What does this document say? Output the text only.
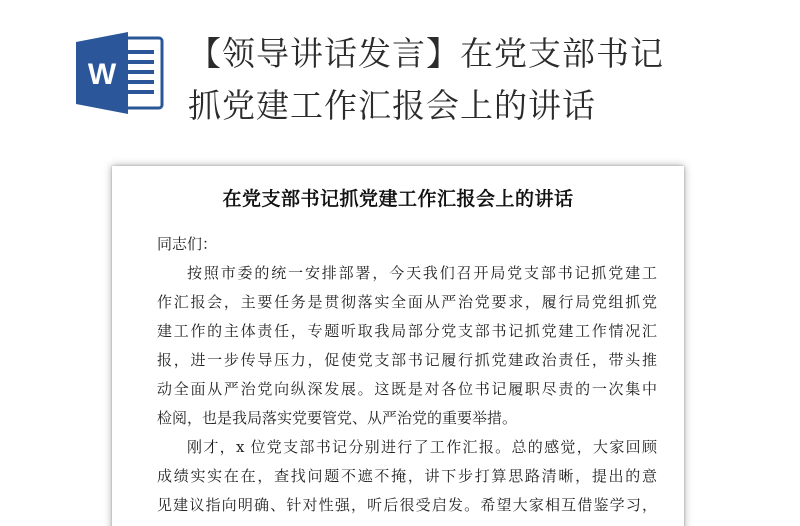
W
【领导讲话发言】在党支部书记
抓党建工作汇报会上的讲话
在党支部书记抓党建工作汇报会上的讲话
同志们：
按照市委的统一安排部署，今天我们召开局党支部书记抓党建工
作汇报会，主要任务是贯彻落实全面从严治党要求，履行局党组抓党
建工作的主体责任，专题听取我局部分党支部书记抓党建工作情况汇
报，进一步传导压力，促使党支部书记履行抓党建政治责任，带头推
动全面从严治党向纵深发展。这既是对各位书记履职尽责的一次集中
检阅，也是我局落实党要管党、从严治党的重要举措。
刚才，x 位党支部书记分别进行了工作汇报。总的感觉，大家回顾
成绩实实在在，查找问题不遮不掩，讲下步打算思路清晰，提出的意
见建议指向明确、针对性强，听后很受启发。希望大家相互借鉴学习，
